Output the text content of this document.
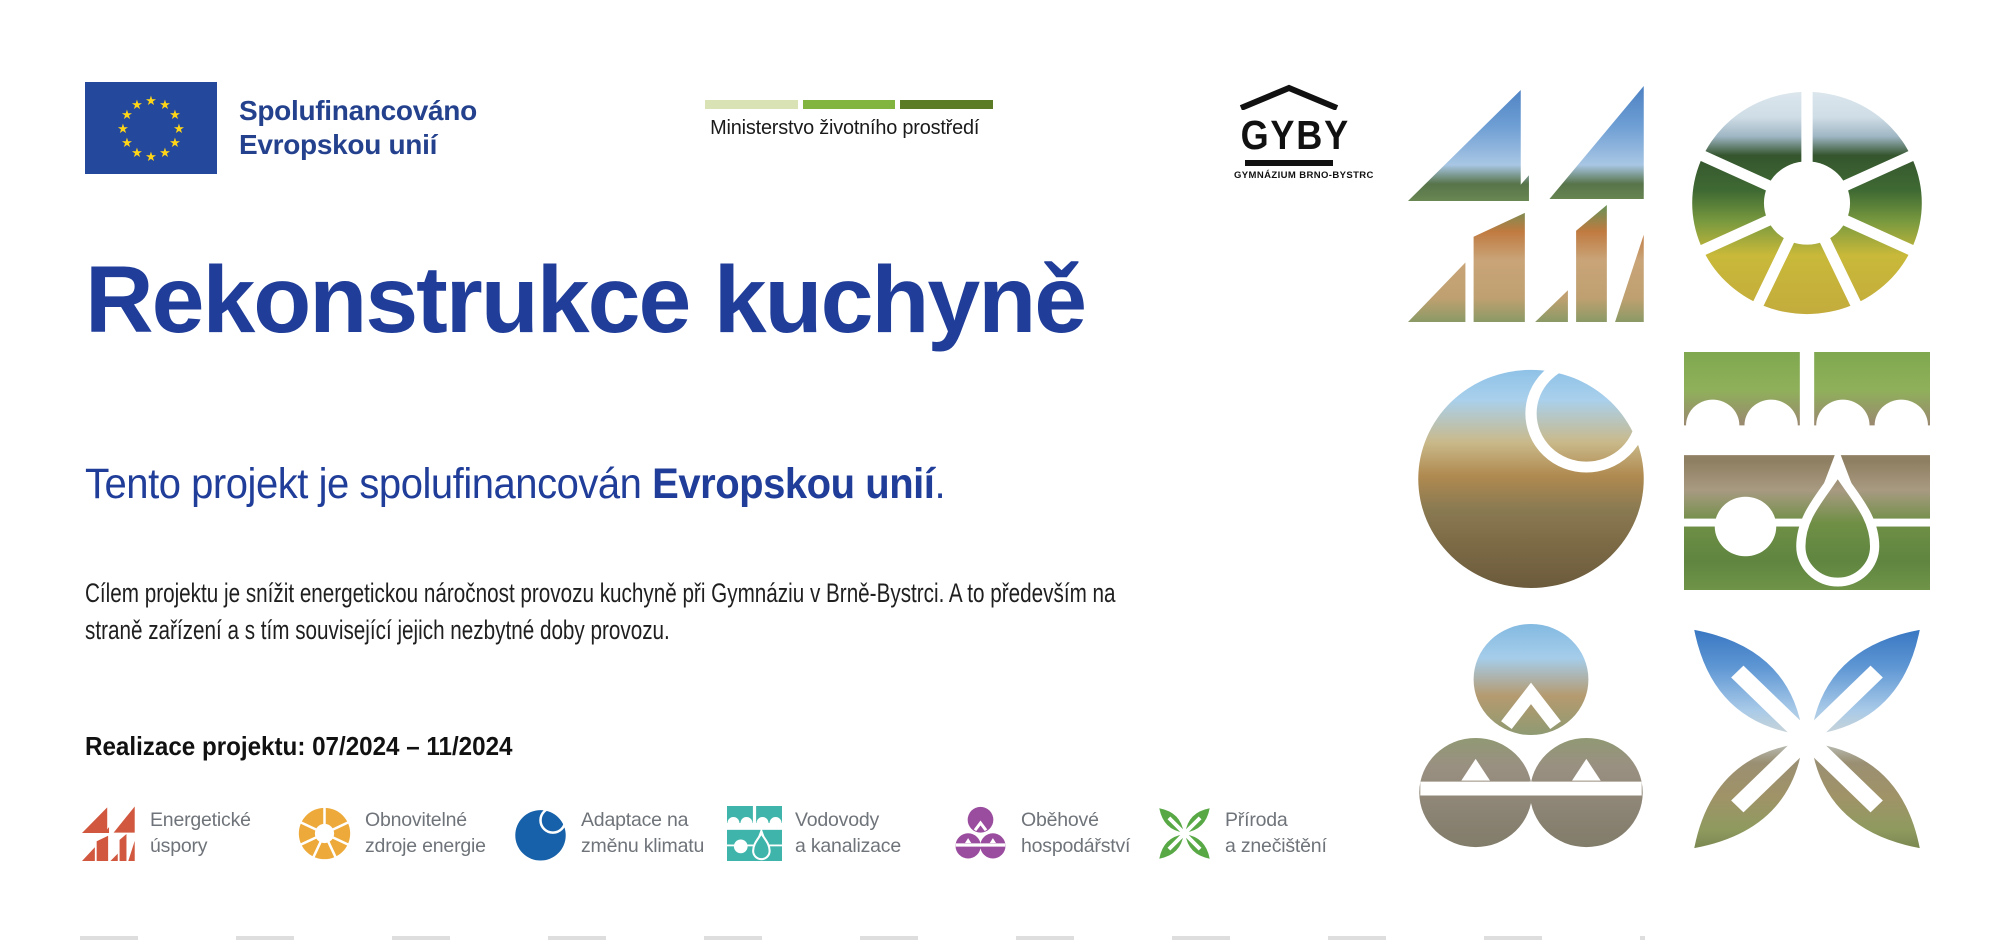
★ ★
★
★
★
★
★
★
★
★
★
★	Spolufinancováno
Evropskou unií
Ministerstvo životního prostředí	GYBY
GYMNÁZIUM BRNO-BYSTRC
Rekonstrukce kuchyně
Tento projekt je spolufinancován Evropskou unií.
Cílem projektu je snížit energetickou náročnost provozu kuchyně při Gymnáziu v Brně-Bystrci. A to především na
straně zařízení a s tím související jejich nezbytné doby provozu.
Realizace projektu: 07/2024 – 11/2024
Energetické
úspory
Obnovitelné
zdroje energie
Adaptace na
změnu klimatu
Vodovody
a kanalizace
Oběhové
hospodářství
Příroda
a znečištění
